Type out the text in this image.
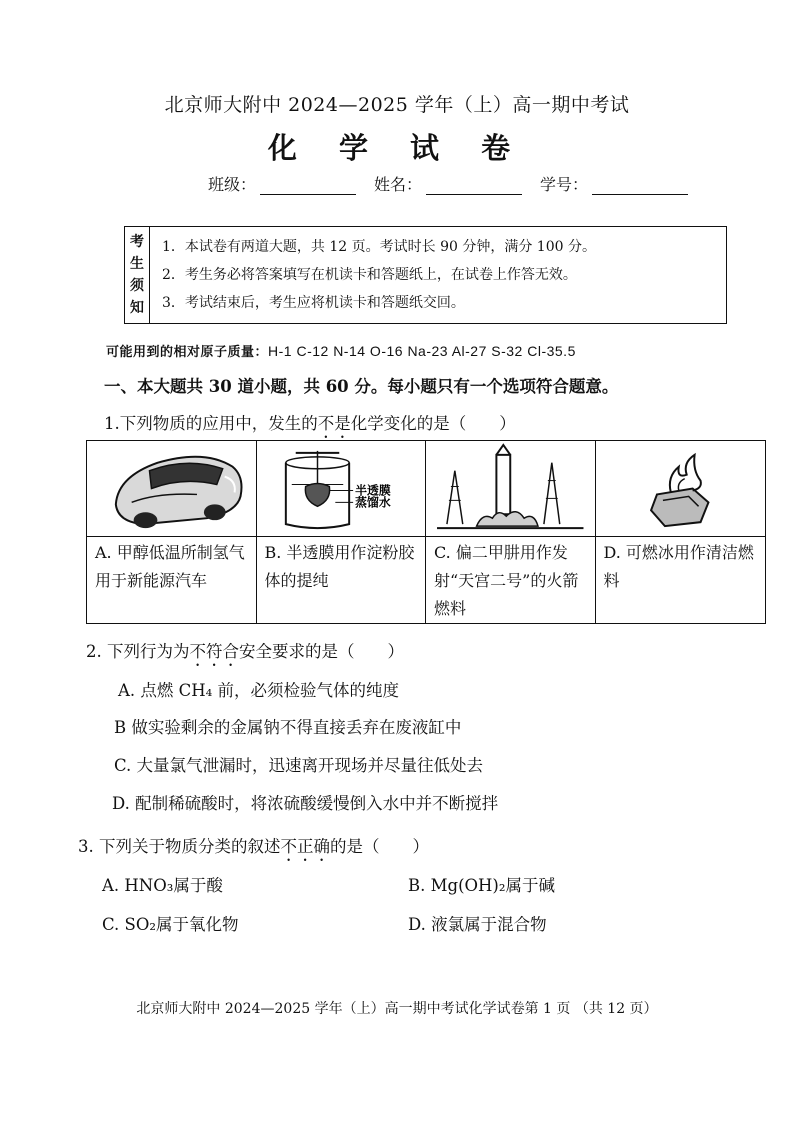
北京师大附中 2024—2025 学年（上）高一期中考试
化 学 试 卷
班级：	姓名：	学号：
考
生
须
知
1．本试卷有两道大题，共 12 页。考试时长 90 分钟，满分 100 分。
2．考生务必将答案填写在机读卡和答题纸上，在试卷上作答无效。
3．考试结束后，考生应将机读卡和答题纸交回。
可能用到的相对原子质量：H-1 C-12 N-14 O-16 Na-23 Al-27 S-32 Cl-35.5
一、本大题共 30 道小题，共 60 分。每小题只有一个选项符合题意。
1.下列物质的应用中，发生的不是化学变化的是（　　）
半透膜
蒸馏水
A. 甲醇低温所制氢气用于新能源汽车
B. 半透膜用作淀粉胶体的提纯
C. 偏二甲肼用作发射“天宫二号”的火箭燃料
D. 可燃冰用作清洁燃料
2. 下列行为为不符合安全要求的是（　　）
A. 点燃 CH₄ 前，必须检验气体的纯度
B 做实验剩余的金属钠不得直接丢弃在废液缸中
C. 大量氯气泄漏时，迅速离开现场并尽量往低处去
D. 配制稀硫酸时，将浓硫酸缓慢倒入水中并不断搅拌
3. 下列关于物质分类的叙述不正确的是（　　）
A. HNO₃属于酸	B. Mg(OH)₂属于碱
C. SO₂属于氧化物	D. 液氯属于混合物
北京师大附中 2024—2025 学年（上）高一期中考试化学试卷第 1 页 （共 12 页）
